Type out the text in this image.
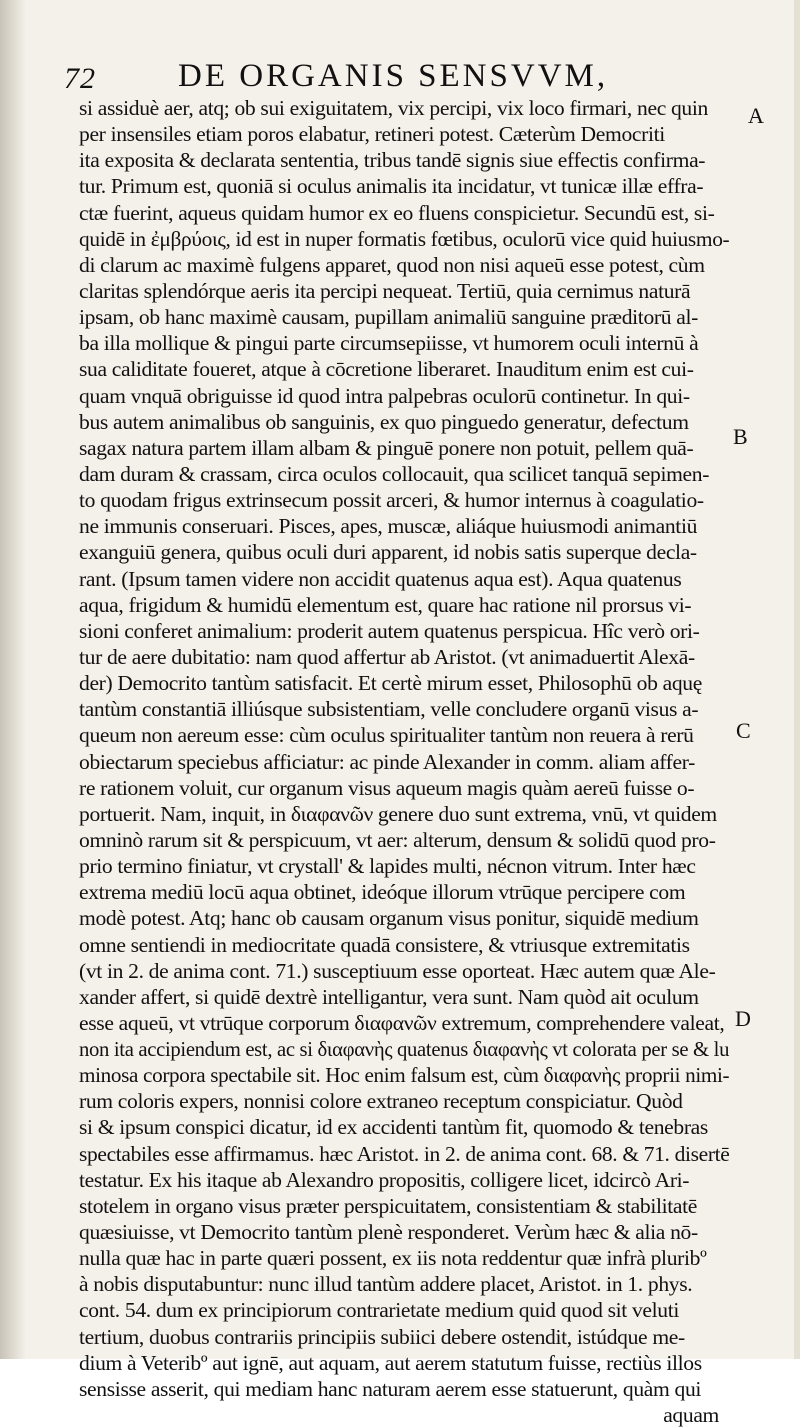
72 DE ORGANIS SENSVVM,
si assiduè aer, atq; ob sui exiguitatem, vix percipi, vix loco firmari, nec quin
per insensiles etiam poros elabatur, retineri potest. Cæterùm Democriti
ita exposita & declarata sententia, tribus tandē signis siue effectis confirma-
tur. Primum est, quoniā si oculus animalis ita incidatur, vt tunicæ illæ effra-
ctæ fuerint, aqueus quidam humor ex eo fluens conspicietur. Secundū est, si-
quidē in ἐμβρύοις, id est in nuper formatis fœtibus, oculorū vice quid huiusmo-
di clarum ac maximè fulgens apparet, quod non nisi aqueū esse potest, cùm
claritas splendórque aeris ita percipi nequeat. Tertiū, quia cernimus naturā
ipsam, ob hanc maximè causam, pupillam animaliū sanguine præditorū al-
ba illa mollique & pingui parte circumsepiisse, vt humorem oculi internū à
sua caliditate foueret, atque à cōcretione liberaret. Inauditum enim est cui-
quam vnquā obriguisse id quod intra palpebras oculorū continetur. In qui-
bus autem animalibus ob sanguinis, ex quo pinguedo generatur, defectum
sagax natura partem illam albam & pinguē ponere non potuit, pellem quā-
dam duram & crassam, circa oculos collocauit, qua scilicet tanquā sepimen-
to quodam frigus extrinsecum possit arceri, & humor internus à coagulatio-
ne immunis conseruari. Pisces, apes, muscæ, aliáque huiusmodi animantiū
exanguiū genera, quibus oculi duri apparent, id nobis satis superque decla-
rant. (Ipsum tamen videre non accidit quatenus aqua est). Aqua quatenus
aqua, frigidum & humidū elementum est, quare hac ratione nil prorsus vi-
sioni conferet animalium: proderit autem quatenus perspicua. Hîc verò ori-
tur de aere dubitatio: nam quod affertur ab Aristot. (vt animaduertit Alexā-
der) Democrito tantùm satisfacit. Et certè mirum esset, Philosophū ob aquę
tantùm constantiā illiúsque subsistentiam, velle concludere organū visus a-
queum non aereum esse: cùm oculus spiritualiter tantùm non reuera à rerū
obiectarum speciebus afficiatur: ac pinde Alexander in comm. aliam affer-
re rationem voluit, cur organum visus aqueum magis quàm aereū fuisse o-
portuerit. Nam, inquit, in διαφανῶν genere duo sunt extrema, vnū, vt quidem
omninò rarum sit & perspicuum, vt aer: alterum, densum & solidū quod pro-
prio termino finiatur, vt crystall' & lapides multi, nécnon vitrum. Inter hæc
extrema mediū locū aqua obtinet, ideóque illorum vtrūque percipere com
modè potest. Atq; hanc ob causam organum visus ponitur, siquidē medium
omne sentiendi in mediocritate quadā consistere, & vtriusque extremitatis
(vt in 2. de anima cont. 71.) susceptiuum esse oporteat. Hæc autem quæ Ale-
xander affert, si quidē dextrè intelligantur, vera sunt. Nam quòd ait oculum
esse aqueū, vt vtrūque corporum διαφανῶν extremum, comprehendere valeat,
non ita accipiendum est, ac si διαφανὴς quatenus διαφανὴς vt colorata per se & lu
minosa corpora spectabile sit. Hoc enim falsum est, cùm διαφανὴς proprii nimi-
rum coloris expers, nonnisi colore extraneo receptum conspiciatur. Quòd
si & ipsum conspici dicatur, id ex accidenti tantùm fit, quomodo & tenebras
spectabiles esse affirmamus. hæc Aristot. in 2. de anima cont. 68. & 71. disertē
testatur. Ex his itaque ab Alexandro propositis, colligere licet, idcircò Ari-
stotelem in organo visus præter perspicuitatem, consistentiam & stabilitatē
quæsiuisse, vt Democrito tantùm plenè responderet. Verùm hæc & alia nō-
nulla quæ hac in parte quæri possent, ex iis nota reddentur quæ infrà pluribº
à nobis disputabuntur: nunc illud tantùm addere placet, Aristot. in 1. phys.
cont. 54. dum ex principiorum contrarietate medium quid quod sit veluti
tertium, duobus contrariis principiis subiici debere ostendit, istúdque me-
dium à Veteribº aut ignē, aut aquam, aut aerem statutum fuisse, rectiùs illos
sensisse asserit, qui mediam hanc naturam aerem esse statuerunt, quàm qui
aquam
A
B
C
D
